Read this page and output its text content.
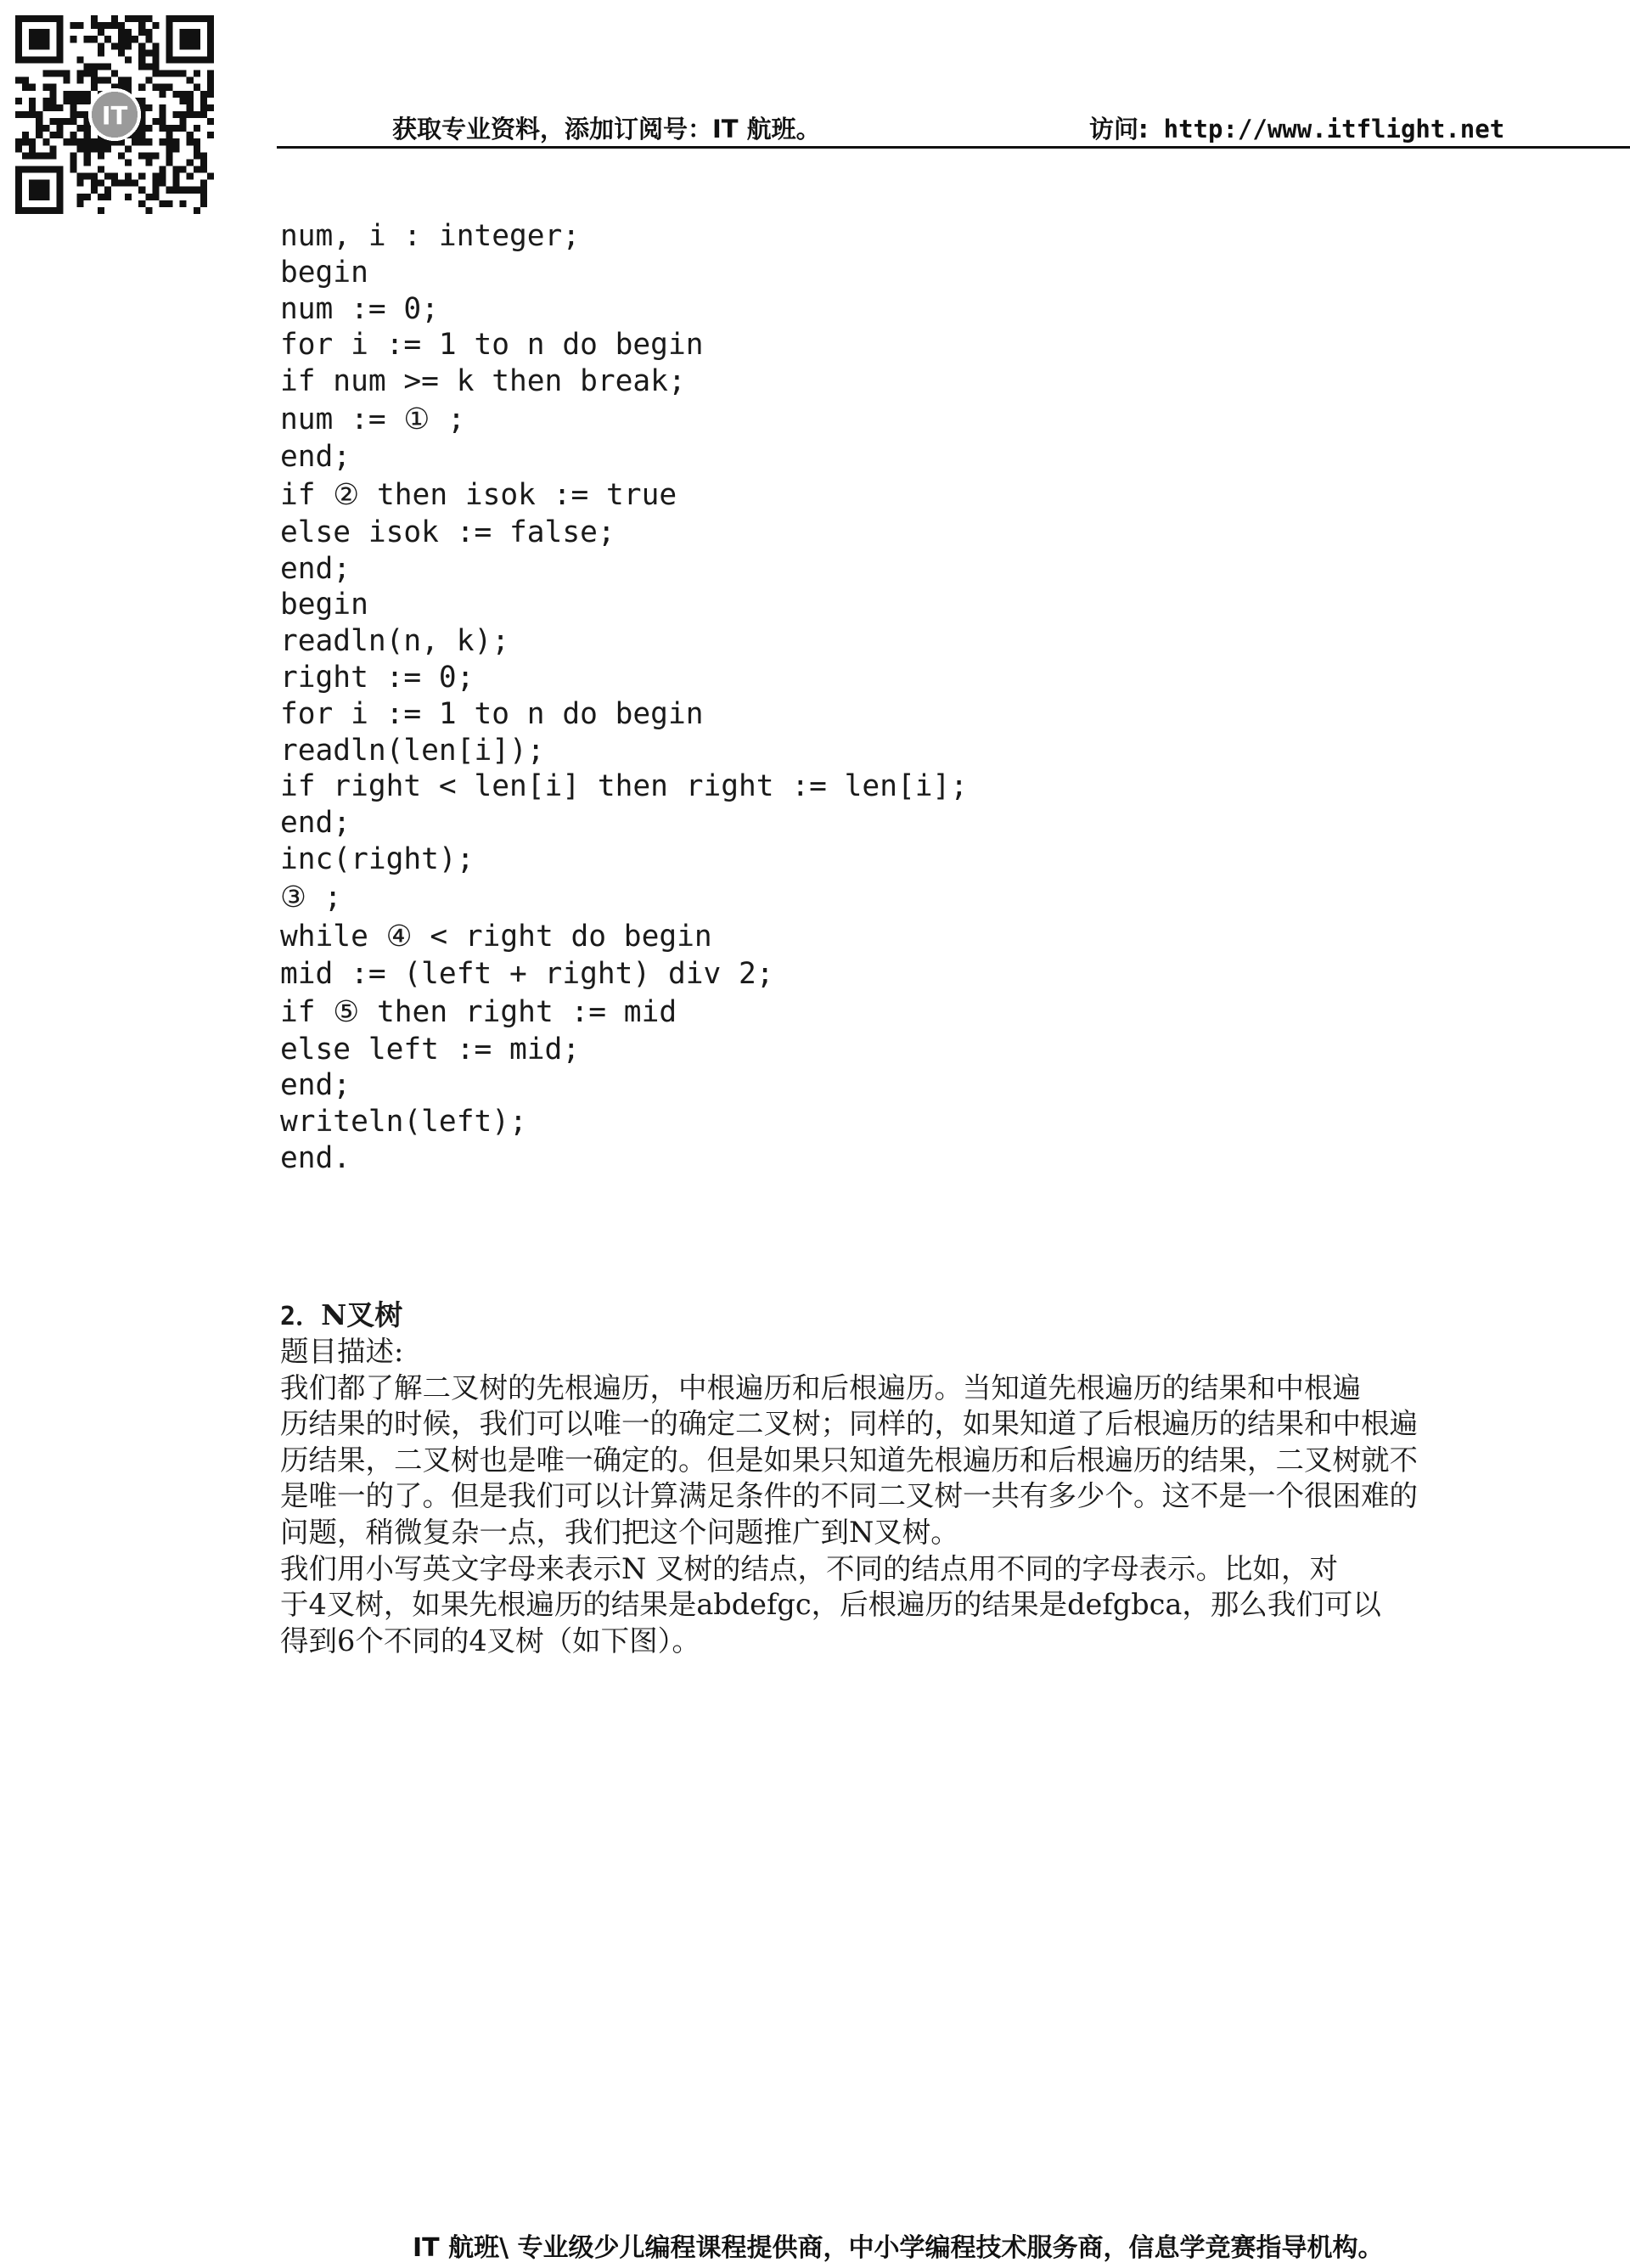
IT	获取专业资料，添加订阅号：IT 航班。	访问: http://www.itflight.net
num, i : integer;
begin
num := 0;
for i := 1 to n do begin
if num >= k then break;
num := ① ;
end;
if ② then isok := true
else isok := false;
end;
begin
readln(n, k);
right := 0;
for i := 1 to n do begin
readln(len[i]);
if right < len[i] then right := len[i];
end;
inc(right);
③ ;
while ④ < right do begin
mid := (left + right) div 2;
if ⑤ then right := mid
else left := mid;
end;
writeln(left);
end.
2．N叉树
题目描述:
我们都了解二叉树的先根遍历，中根遍历和后根遍历。当知道先根遍历的结果和中根遍
历结果的时候，我们可以唯一的确定二叉树；同样的，如果知道了后根遍历的结果和中根遍
历结果，二叉树也是唯一确定的。但是如果只知道先根遍历和后根遍历的结果，二叉树就不
是唯一的了。但是我们可以计算满足条件的不同二叉树一共有多少个。这不是一个很困难的
问题，稍微复杂一点，我们把这个问题推广到N叉树。
我们用小写英文字母来表示N 叉树的结点，不同的结点用不同的字母表示。比如，对
于4叉树，如果先根遍历的结果是abdefgc，后根遍历的结果是defgbca，那么我们可以
得到6个不同的4叉树（如下图）。
IT 航班\ 专业级少儿编程课程提供商，中小学编程技术服务商，信息学竞赛指导机构。
